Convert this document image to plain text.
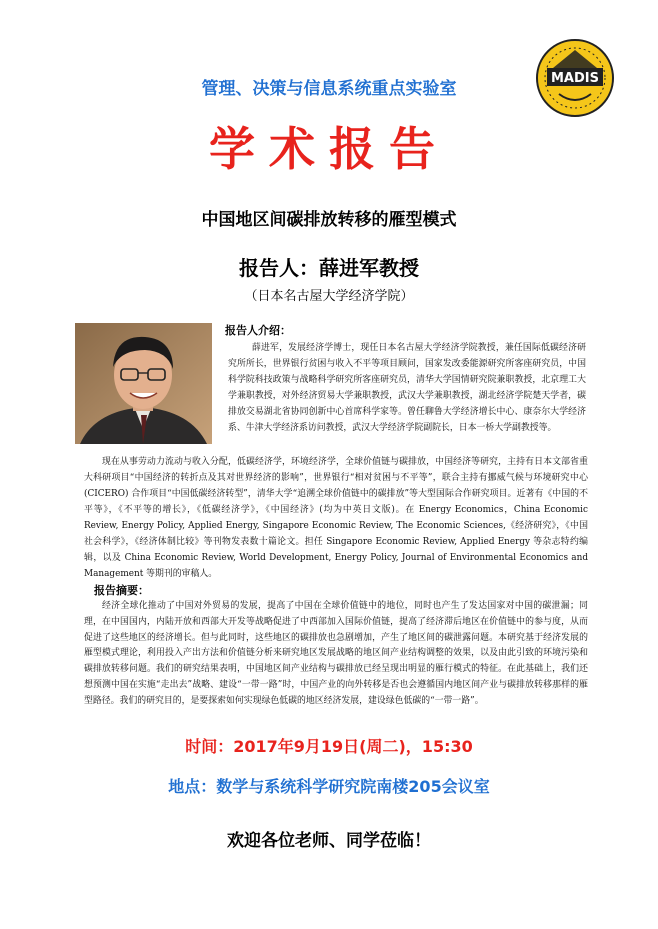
MADIS
管理、决策与信息系统重点实验室
学术报告
中国地区间碳排放转移的雁型模式
报告人：薛进军教授
（日本名古屋大学经济学院）
报告人介绍：
薛进军，发展经济学博士，现任日本名古屋大学经济学院教授，兼任国际低碳经济研究所所长，世界银行贫困与收入不平等项目顾问，国家发改委能源研究所客座研究员，中国科学院科技政策与战略科学研究所客座研究员，清华大学国情研究院兼职教授，北京理工大学兼职教授，对外经济贸易大学兼职教授，武汉大学兼职教授，湖北经济学院楚天学者，碳排放交易湖北省协同创新中心首席科学家等。曾任聊鲁大学经济增长中心、康奈尔大学经济系、牛津大学经济系访问教授，武汉大学经济学院副院长，日本一桥大学副教授等。
现在从事劳动力流动与收入分配，低碳经济学，环境经济学，全球价值链与碳排放，中国经济等研究，主持有日本文部省重大科研项目“中国经济的转折点及其对世界经济的影响”，世界银行“相对贫困与不平等”，联合主持有挪威气候与环境研究中心 (CICERO) 合作项目“中国低碳经济转型”，清华大学“追溯全球价值链中的碳排放”等大型国际合作研究项目。近著有《中国的不平等》，《不平等的增长》，《低碳经济学》，《中国经济》(均为中英日文版)。在 Energy Economics，China Economic Review, Energy Policy, Applied Energy, Singapore Economic Review, The Economic Sciences,《经济研究》，《中国社会科学》，《经济体制比较》等刊物发表数十篇论文。担任 Singapore Economic Review, Applied Energy 等杂志特约编辑，以及 China Economic Review, World Development, Energy Policy, Journal of Environmental Economics and Management 等期刊的审稿人。
报告摘要：
经济全球化推动了中国对外贸易的发展，提高了中国在全球价值链中的地位，同时也产生了发达国家对中国的碳泄漏；同理，在中国国内，内陆开放和西部大开发等战略促进了中西部加入国际价值链，提高了经济滞后地区在价值链中的参与度，从而促进了这些地区的经济增长。但与此同时，这些地区的碳排放也急剧增加，产生了地区间的碳泄露问题。本研究基于经济发展的雁型模式理论，利用投入产出方法和价值链分析来研究地区发展战略的地区间产业结构调整的效果，以及由此引致的环境污染和碳排放转移问题。我们的研究结果表明，中国地区间产业结构与碳排放已经呈现出明显的雁行模式的特征。在此基础上，我们还想预测中国在实施“走出去”战略、建设“一带一路”时，中国产业的向外转移是否也会遵循国内地区间产业与碳排放转移那样的雁型路径。我们的研究目的，是要探索如何实现绿色低碳的地区经济发展，建设绿色低碳的“一带一路”。
时间：2017年9月19日(周二)，15:30
地点：数学与系统科学研究院南楼205会议室
欢迎各位老师、同学莅临！
